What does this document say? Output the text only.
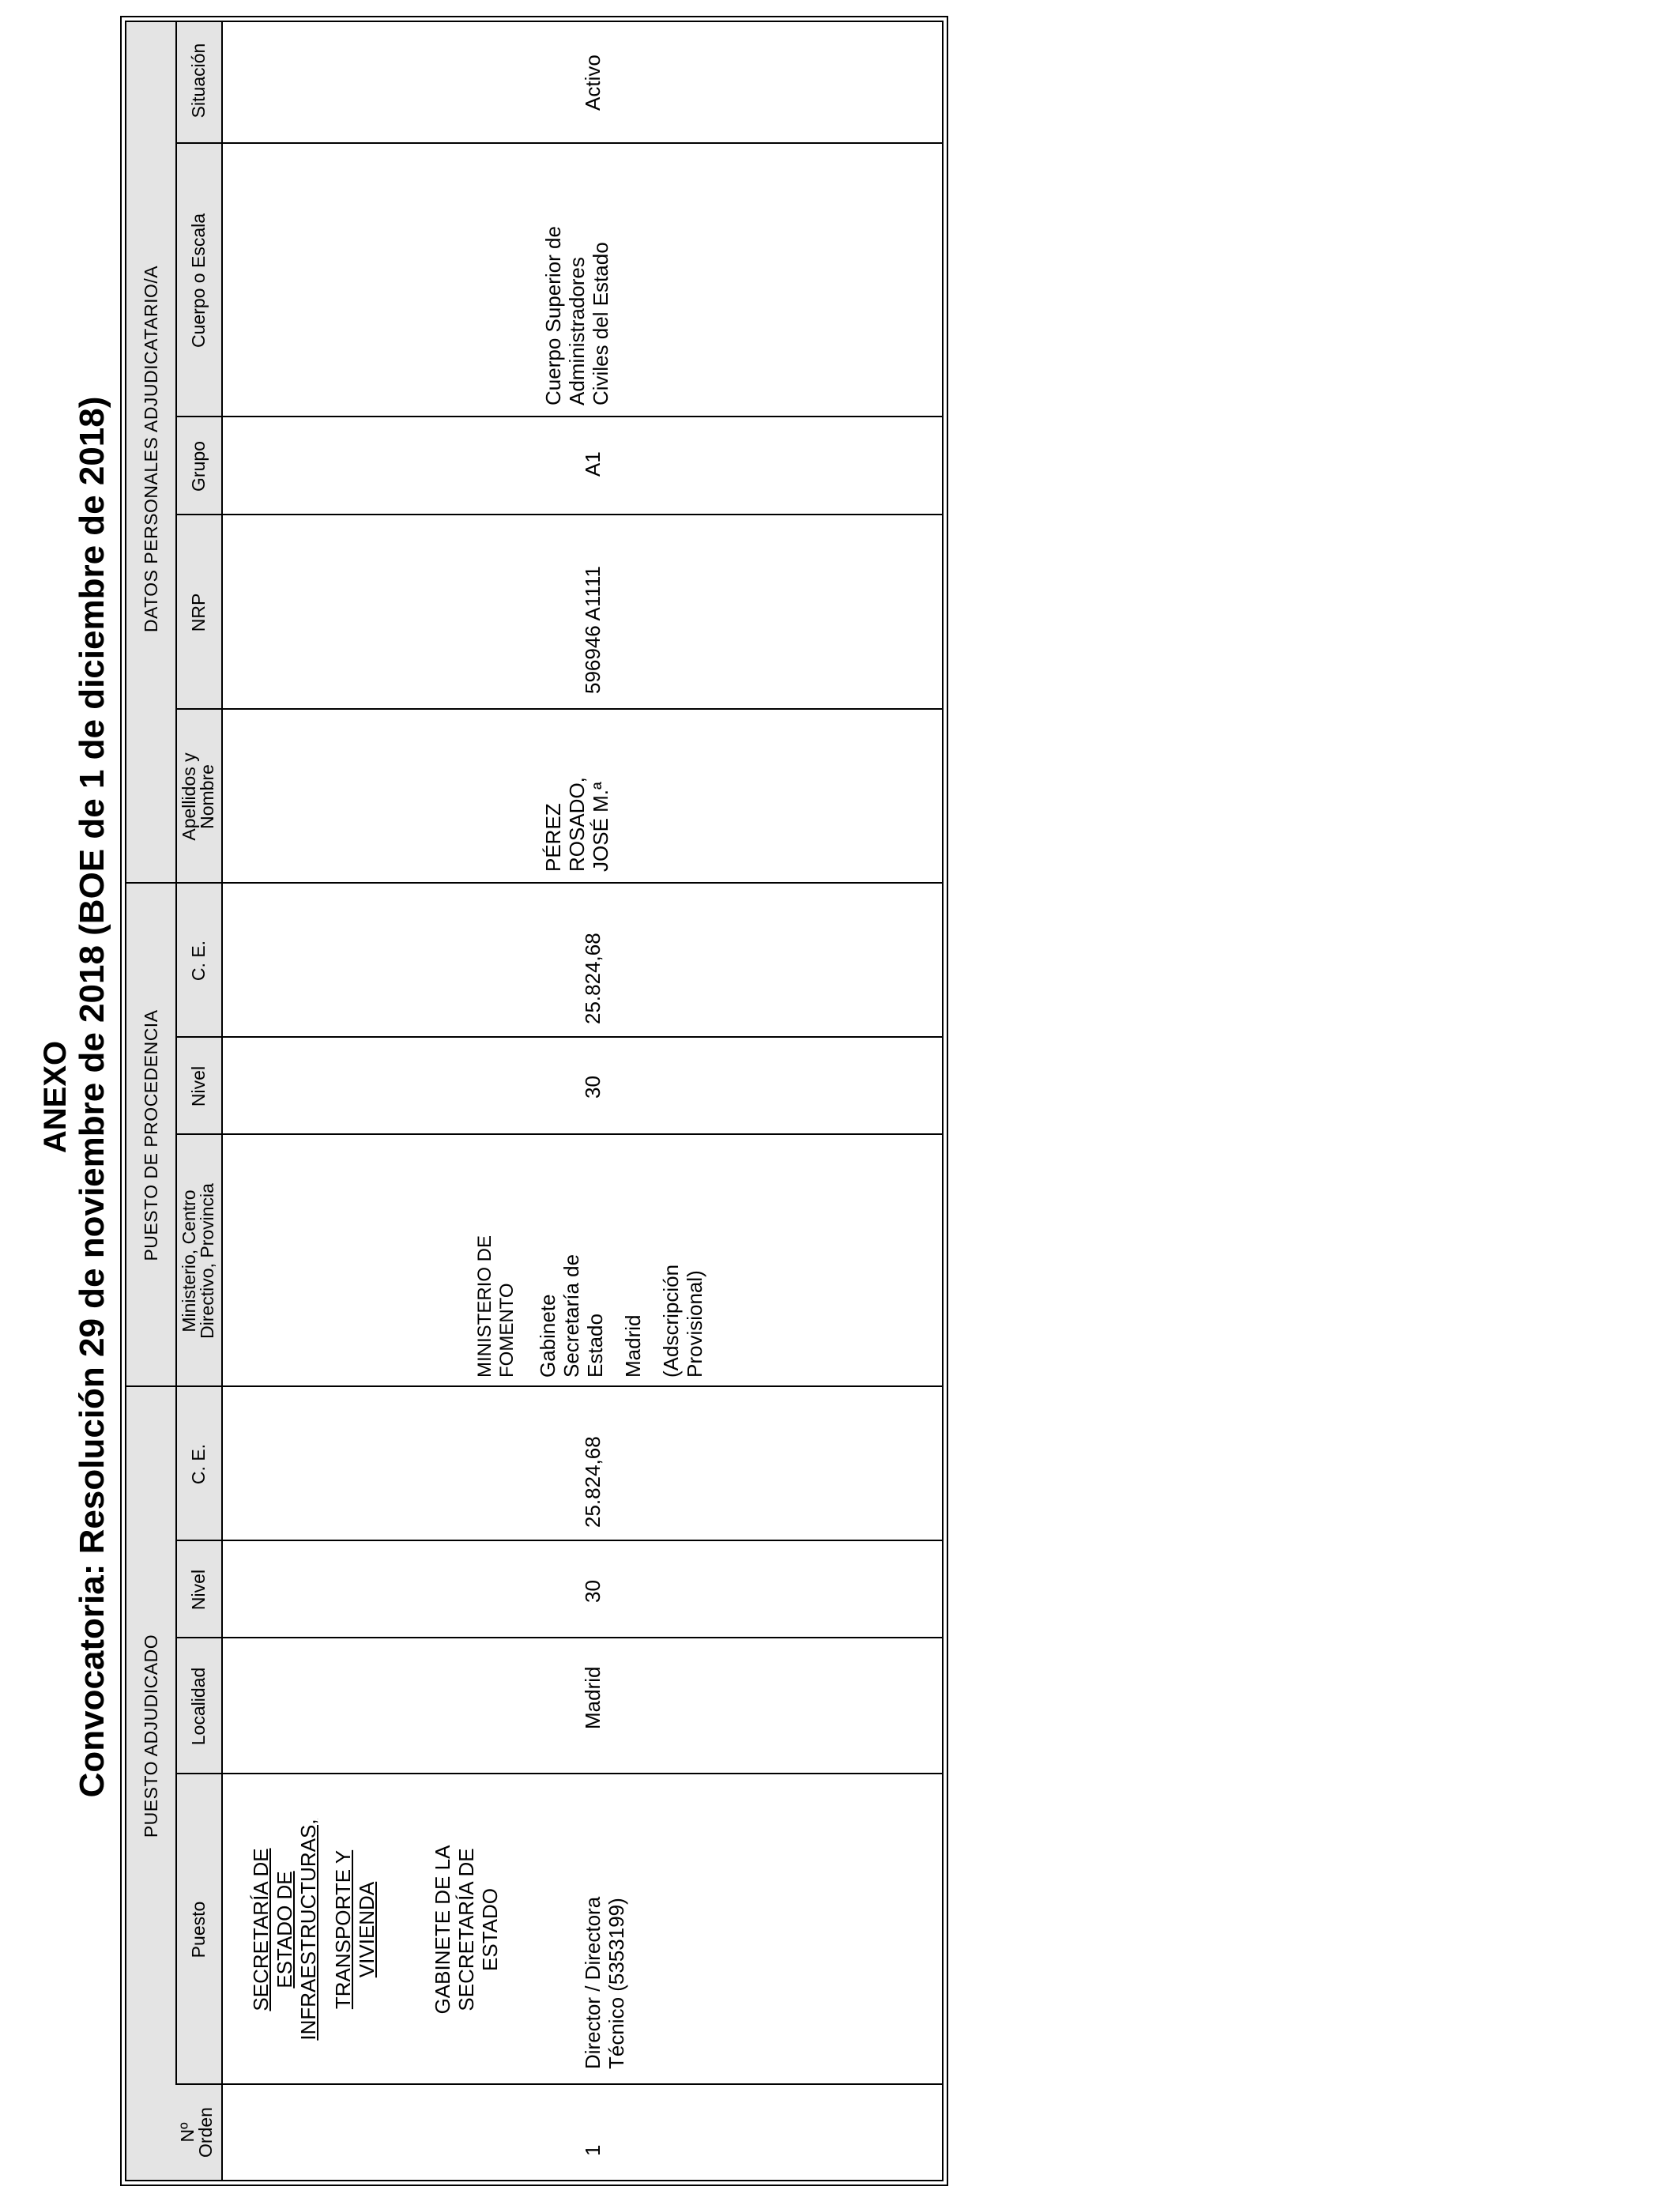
ANEXO Convocatoria: Resolución 29 de noviembre de 2018 (BOE de 1 de diciembre de 2018)	PUESTO ADJUDICADO
PUESTO DE PROCEDENCIA
DATOS PERSONALES ADJUDICATARIO/A
Nº
Orden
Puesto
Localidad
Nivel
C. E.
Ministerio, Centro
Directivo, Provincia
Nivel
C. E.
Apellidos y
Nombre
NRP
Grupo
Cuerpo o Escala
Situación
SECRETARÍA DE ESTADO DE INFRAESTRUCTURAS, TRANSPORTE Y VIVIENDA	GABINETE DE LA SECRETARÍA DE ESTADO
1
Director / Directora Técnico (5353199)
Madrid
30
25.824,68
MINISTERIO DE FOMENTO Gabinete Secretaría de Estado Madrid (Adscripción Provisional)
30
25.824,68
PÉREZ ROSADO, JOSÉ M.ª
596946 A1111
A1
Cuerpo Superior de Administradores Civiles del Estado
Activo
